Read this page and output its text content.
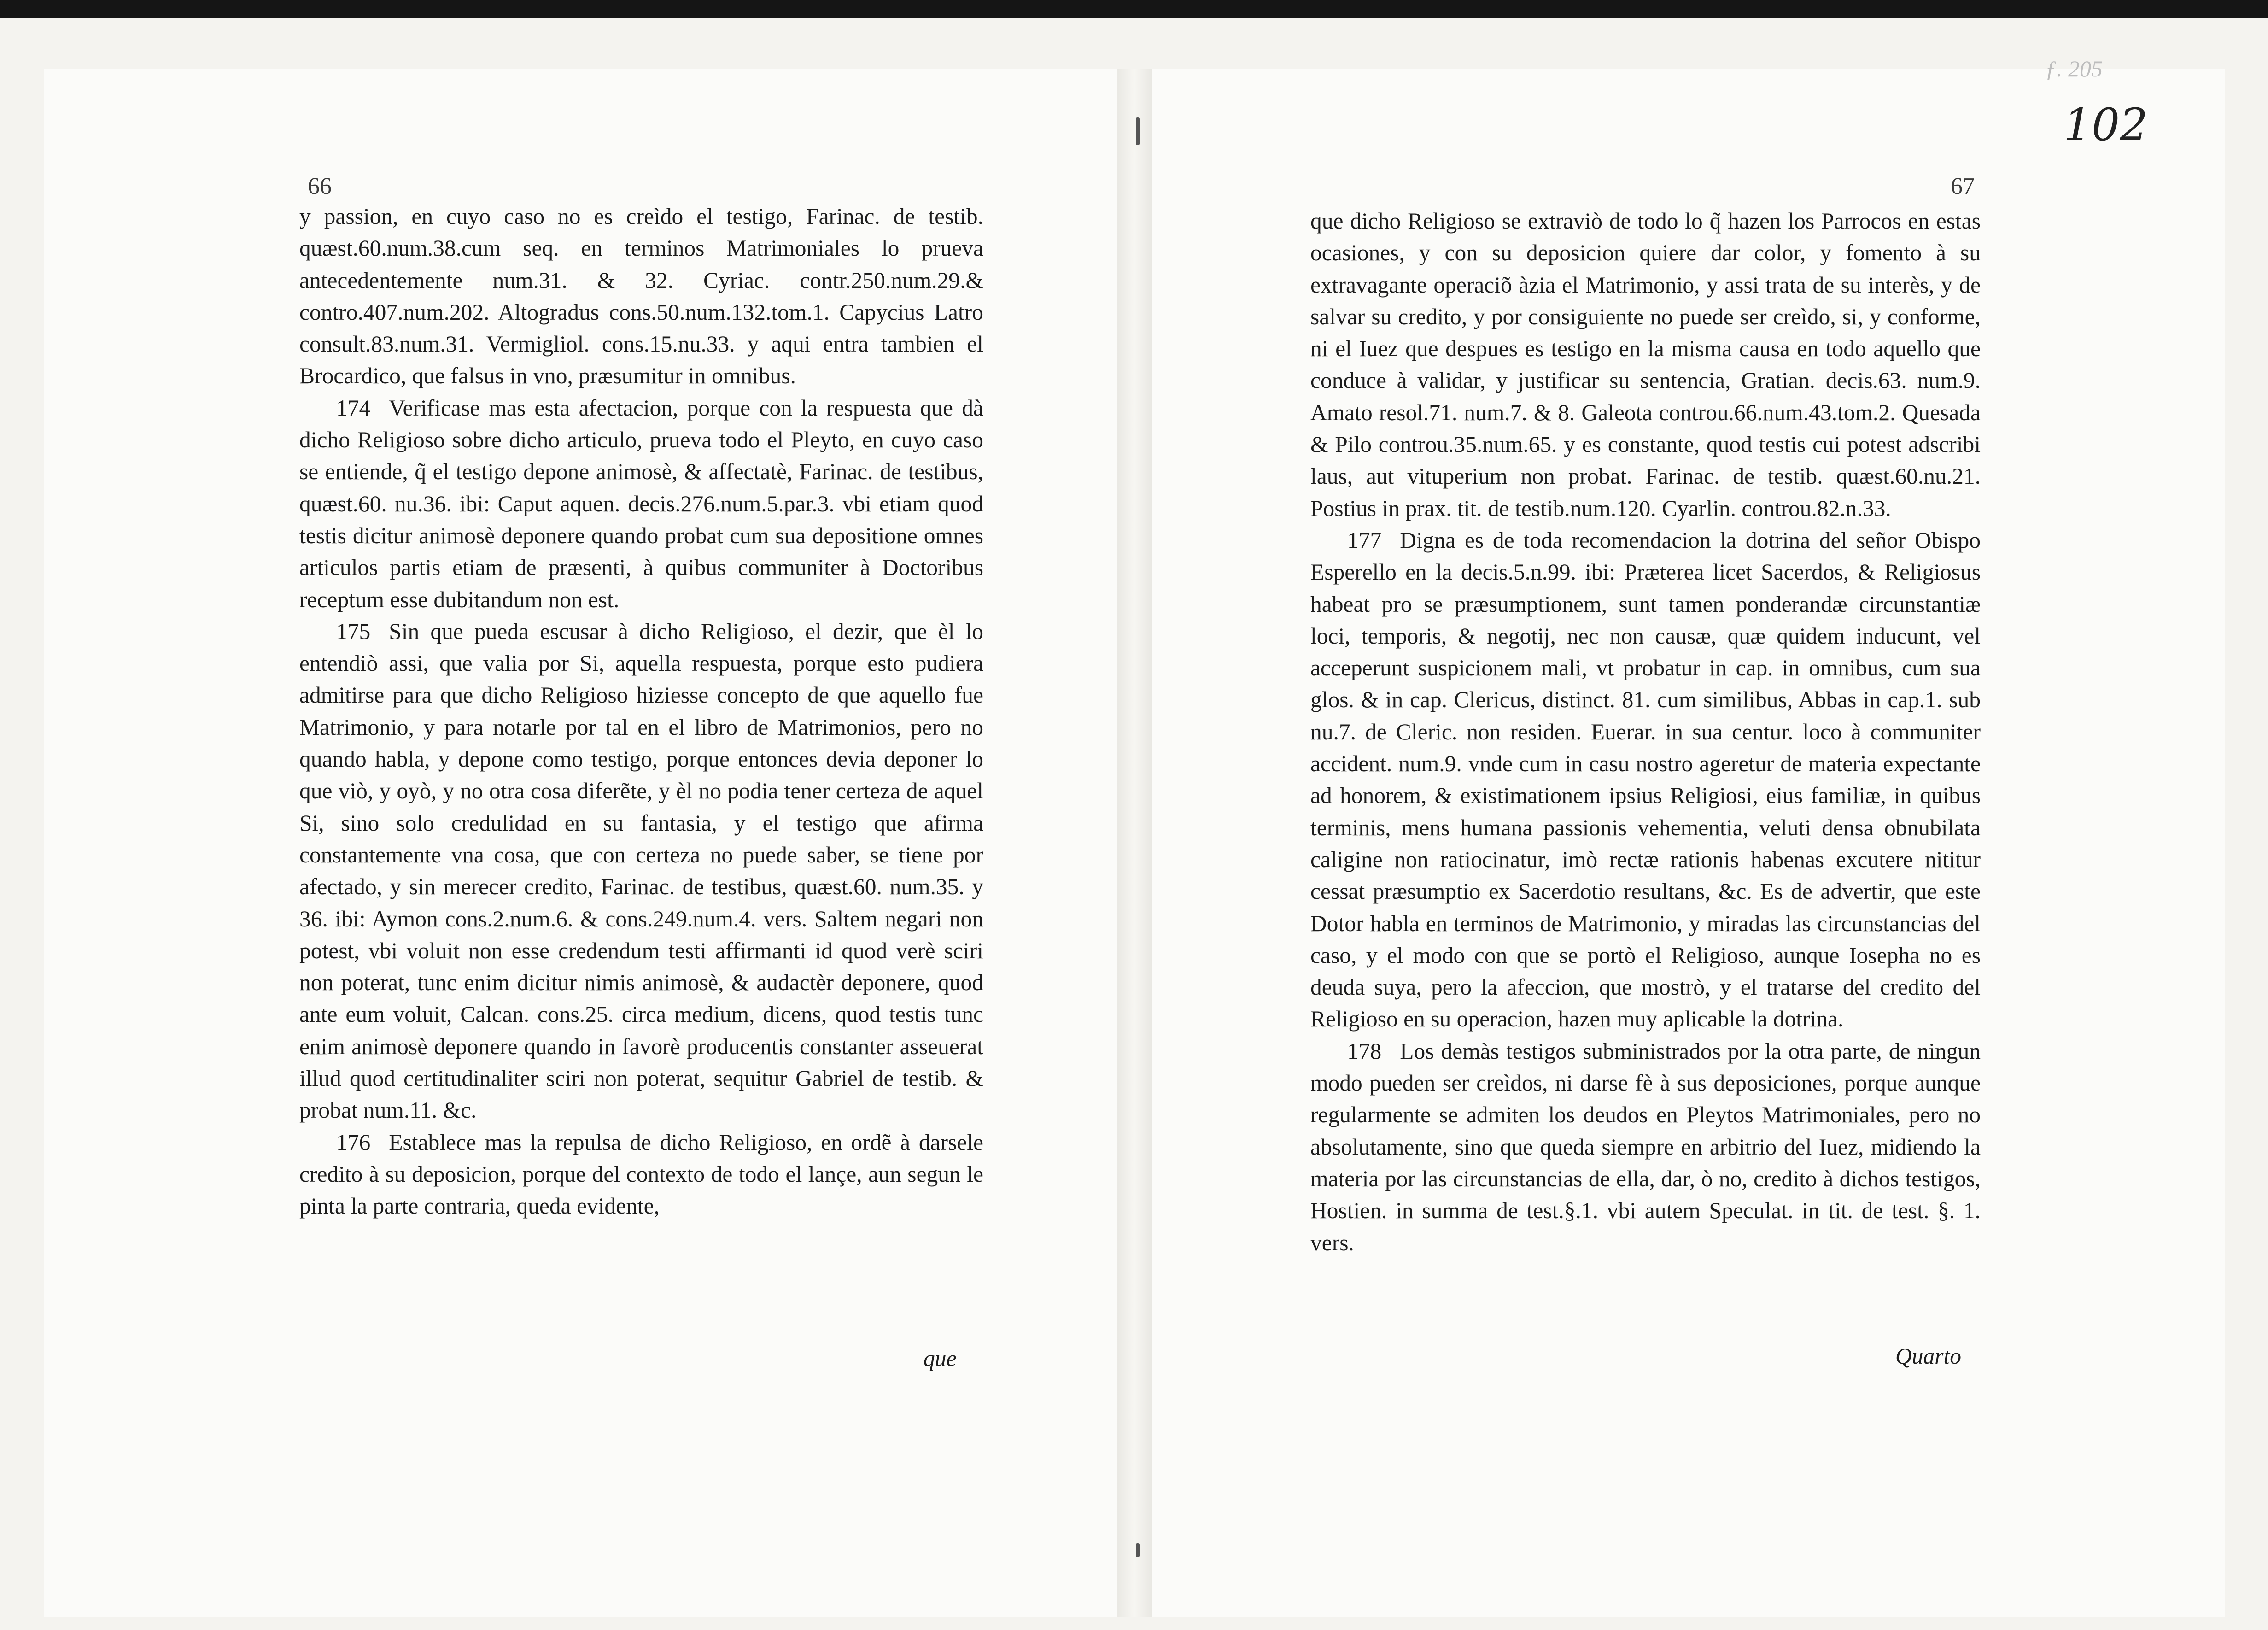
ƒ. 205
102
66	67

y passion, en cuyo caso no es creìdo el testigo, Farinac. de testib. quæst.60.num.38.cum seq. en terminos Matrimoniales lo prueva antecedentemente num.31. & 32. Cyriac. contr.250.num.29.& contro.407.num.202. Altogradus cons.50.num.132.tom.1. Capycius Latro consult.83.num.31. Vermigliol. cons.15.nu.33. y aqui entra tambien el Brocardico, que falsus in vno, præsumitur in omnibus.

174 Verificase mas esta afectacion, porque con la respuesta que dà dicho Religioso sobre dicho articulo, prueva todo el Pleyto, en cuyo caso se entiende, q̃ el testigo depone animosè, & affectatè, Farinac. de testibus, quæst.60. nu.36. ibi: Caput aquen. decis.276.num.5.par.3. vbi etiam quod testis dicitur animosè deponere quando probat cum sua depositione omnes articulos partis etiam de præsenti, à quibus communiter à Doctoribus receptum esse dubitandum non est.

175 Sin que pueda escusar à dicho Religioso, el dezir, que èl lo entendiò assi, que valia por Si, aquella respuesta, porque esto pudiera admitirse para que dicho Religioso hiziesse concepto de que aquello fue Matrimonio, y para notarle por tal en el libro de Matrimonios, pero no quando habla, y depone como testigo, porque entonces devia deponer lo que viò, y oyò, y no otra cosa diferẽte, y èl no podia tener certeza de aquel Si, sino solo credulidad en su fantasia, y el testigo que afirma constantemente vna cosa, que con certeza no puede saber, se tiene por afectado, y sin merecer credito, Farinac. de testibus, quæst.60. num.35. y 36. ibi: Aymon cons.2.num.6. & cons.249.num.4. vers. Saltem negari non potest, vbi voluit non esse credendum testi affirmanti id quod verè sciri non poterat, tunc enim dicitur nimis animosè, & audactèr deponere, quod ante eum voluit, Calcan. cons.25. circa medium, dicens, quod testis tunc enim animosè deponere quando in favorè producentis constanter asseuerat illud quod certitudinaliter sciri non poterat, sequitur Gabriel de testib. & probat num.11. &c.

176 Establece mas la repulsa de dicho Religioso, en ordẽ à darsele credito à su deposicion, porque del contexto de todo el lançe, aun segun le pinta la parte contraria, queda evidente,

que

que dicho Religioso se extraviò de todo lo q̃ hazen los Parrocos en estas ocasiones, y con su deposicion quiere dar color, y fomento à su extravagante operaciõ àzia el Matrimonio, y assi trata de su interès, y de salvar su credito, y por consiguiente no puede ser creìdo, si, y conforme, ni el Iuez que despues es testigo en la misma causa en todo aquello que conduce à validar, y justificar su sentencia, Gratian. decis.63. num.9. Amato resol.71. num.7. & 8. Galeota controu.66.num.43.tom.2. Quesada & Pilo controu.35.num.65. y es constante, quod testis cui potest adscribi laus, aut vituperium non probat. Farinac. de testib. quæst.60.nu.21. Postius in prax. tit. de testib.num.120. Cyarlin. controu.82.n.33.

177 Digna es de toda recomendacion la dotrina del señor Obispo Esperello en la decis.5.n.99. ibi: Præterea licet Sacerdos, & Religiosus habeat pro se præsumptionem, sunt tamen ponderandæ circunstantiæ loci, temporis, & negotij, nec non causæ, quæ quidem inducunt, vel acceperunt suspicionem mali, vt probatur in cap. in omnibus, cum sua glos. & in cap. Clericus, distinct. 81. cum similibus, Abbas in cap.1. sub nu.7. de Cleric. non residen. Euerar. in sua centur. loco à communiter accident. num.9. vnde cum in casu nostro ageretur de materia expectante ad honorem, & existimationem ipsius Religiosi, eius familiæ, in quibus terminis, mens humana passionis vehementia, veluti densa obnubilata caligine non ratiocinatur, imò rectæ rationis habenas excutere nititur cessat præsumptio ex Sacerdotio resultans, &c. Es de advertir, que este Dotor habla en terminos de Matrimonio, y miradas las circunstancias del caso, y el modo con que se portò el Religioso, aunque Iosepha no es deuda suya, pero la afeccion, que mostrò, y el tratarse del credito del Religioso en su operacion, hazen muy aplicable la dotrina.

178 Los demàs testigos subministrados por la otra parte, de ningun modo pueden ser creìdos, ni darse fè à sus deposiciones, porque aunque regularmente se admiten los deudos en Pleytos Matrimoniales, pero no absolutamente, sino que queda siempre en arbitrio del Iuez, midiendo la materia por las circunstancias de ella, dar, ò no, credito à dichos testigos, Hostien. in summa de test.§.1. vbi autem Speculat. in tit. de test. §. 1. vers.

Quarto
